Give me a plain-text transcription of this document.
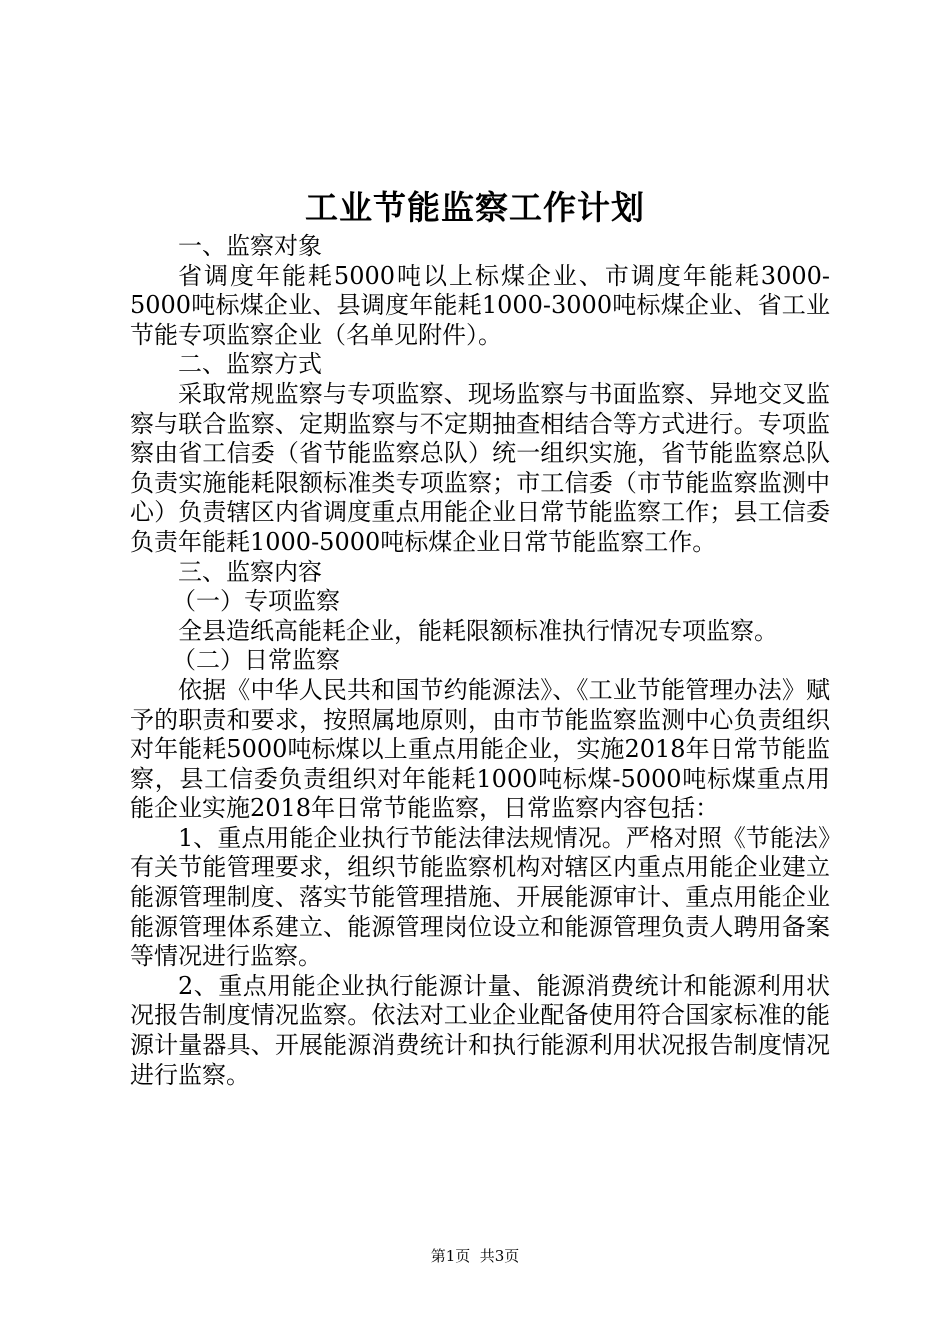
工业节能监察工作计划

一、监察对象

省调度年能耗5000吨以上标煤企业、市调度年能耗3000-5000吨标煤企业、县调度年能耗1000-3000吨标煤企业、省工业节能专项监察企业（名单见附件）。

二、监察方式

采取常规监察与专项监察、现场监察与书面监察、异地交叉监察与联合监察、定期监察与不定期抽查相结合等方式进行。专项监察由省工信委（省节能监察总队）统一组织实施，省节能监察总队负责实施能耗限额标准类专项监察；市工信委（市节能监察监测中心）负责辖区内省调度重点用能企业日常节能监察工作；县工信委负责年能耗1000-5000吨标煤企业日常节能监察工作。

三、监察内容

（一）专项监察

全县造纸高能耗企业，能耗限额标准执行情况专项监察。

（二）日常监察

依据《中华人民共和国节约能源法》、《工业节能管理办法》赋予的职责和要求，按照属地原则，由市节能监察监测中心负责组织对年能耗5000吨标煤以上重点用能企业，实施2018年日常节能监察，县工信委负责组织对年能耗1000吨标煤-5000吨标煤重点用能企业实施2018年日常节能监察，日常监察内容包括：

1、重点用能企业执行节能法律法规情况。严格对照《节能法》有关节能管理要求，组织节能监察机构对辖区内重点用能企业建立能源管理制度、落实节能管理措施、开展能源审计、重点用能企业能源管理体系建立、能源管理岗位设立和能源管理负责人聘用备案等情况进行监察。

2、重点用能企业执行能源计量、能源消费统计和能源利用状况报告制度情况监察。依法对工业企业配备使用符合国家标准的能源计量器具、开展能源消费统计和执行能源利用状况报告制度情况进行监察。

第1页  共3页
